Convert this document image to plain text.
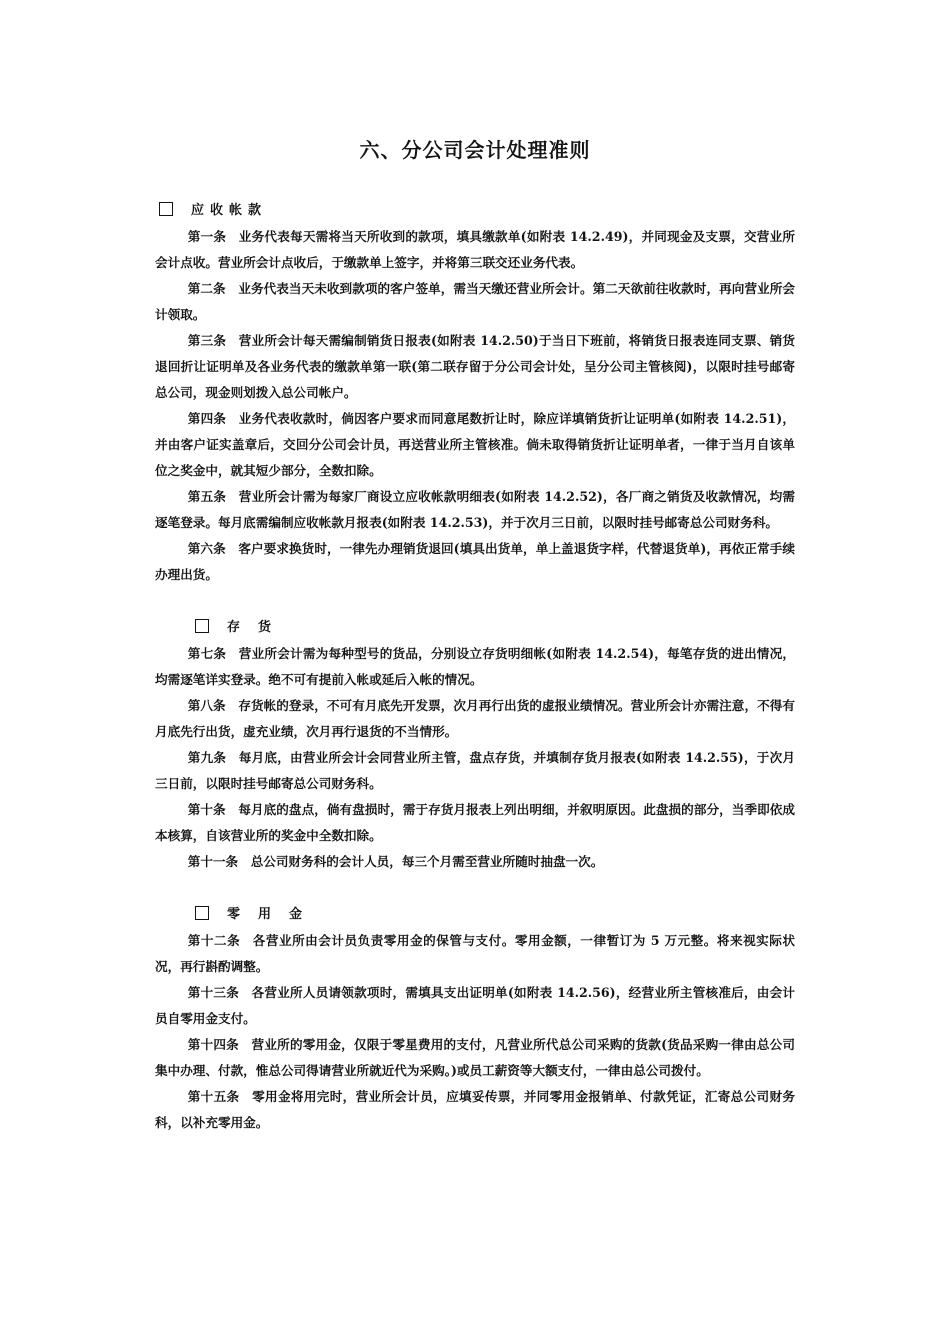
六、分公司会计处理准则
应收帐款

第一条 业务代表每天需将当天所收到的款项，填具缴款单(如附表 14.2.49)，并同现金及支票，交营业所会计点收。营业所会计点收后，于缴款单上签字，并将第三联交还业务代表。

第二条 业务代表当天未收到款项的客户签单，需当天缴还营业所会计。第二天欲前往收款时，再向营业所会计领取。

第三条 营业所会计每天需编制销货日报表(如附表 14.2.50)于当日下班前，将销货日报表连同支票、销货退回折让证明单及各业务代表的缴款单第一联(第二联存留于分公司会计处，呈分公司主管核阅)，以限时挂号邮寄总公司，现金则划拨入总公司帐户。

第四条 业务代表收款时，倘因客户要求而同意尾数折让时，除应详填销货折让证明单(如附表 14.2.51)，并由客户证实盖章后，交回分公司会计员，再送营业所主管核准。倘未取得销货折让证明单者，一律于当月自该单位之奖金中，就其短少部分，全数扣除。

第五条 营业所会计需为每家厂商设立应收帐款明细表(如附表 14.2.52)，各厂商之销货及收款情况，均需逐笔登录。每月底需编制应收帐款月报表(如附表 14.2.53)，并于次月三日前，以限时挂号邮寄总公司财务科。

第六条 客户要求换货时，一律先办理销货退回(填具出货单，单上盖退货字样，代替退货单)，再依正常手续办理出货。

存货

第七条 营业所会计需为每种型号的货品，分别设立存货明细帐(如附表 14.2.54)，每笔存货的进出情况，均需逐笔详实登录。绝不可有提前入帐或延后入帐的情况。

第八条 存货帐的登录，不可有月底先开发票，次月再行出货的虚报业绩情况。营业所会计亦需注意，不得有月底先行出货，虚充业绩，次月再行退货的不当情形。

第九条 每月底，由营业所会计会同营业所主管，盘点存货，并填制存货月报表(如附表 14.2.55)，于次月三日前，以限时挂号邮寄总公司财务科。

第十条 每月底的盘点，倘有盘损时，需于存货月报表上列出明细，并叙明原因。此盘损的部分，当季即依成本核算，自该营业所的奖金中全数扣除。

第十一条 总公司财务科的会计人员，每三个月需至营业所随时抽盘一次。

零用金

第十二条 各营业所由会计员负责零用金的保管与支付。零用金额，一律暂订为 5 万元整。将来视实际状况，再行斟酌调整。

第十三条 各营业所人员请领款项时，需填具支出证明单(如附表 14.2.56)，经营业所主管核准后，由会计员自零用金支付。

第十四条 营业所的零用金，仅限于零星费用的支付，凡营业所代总公司采购的货款(货品采购一律由总公司集中办理、付款，惟总公司得请营业所就近代为采购。)或员工薪资等大额支付，一律由总公司拨付。

第十五条 零用金将用完时，营业所会计员，应填妥传票，并同零用金报销单、付款凭证，汇寄总公司财务科，以补充零用金。
